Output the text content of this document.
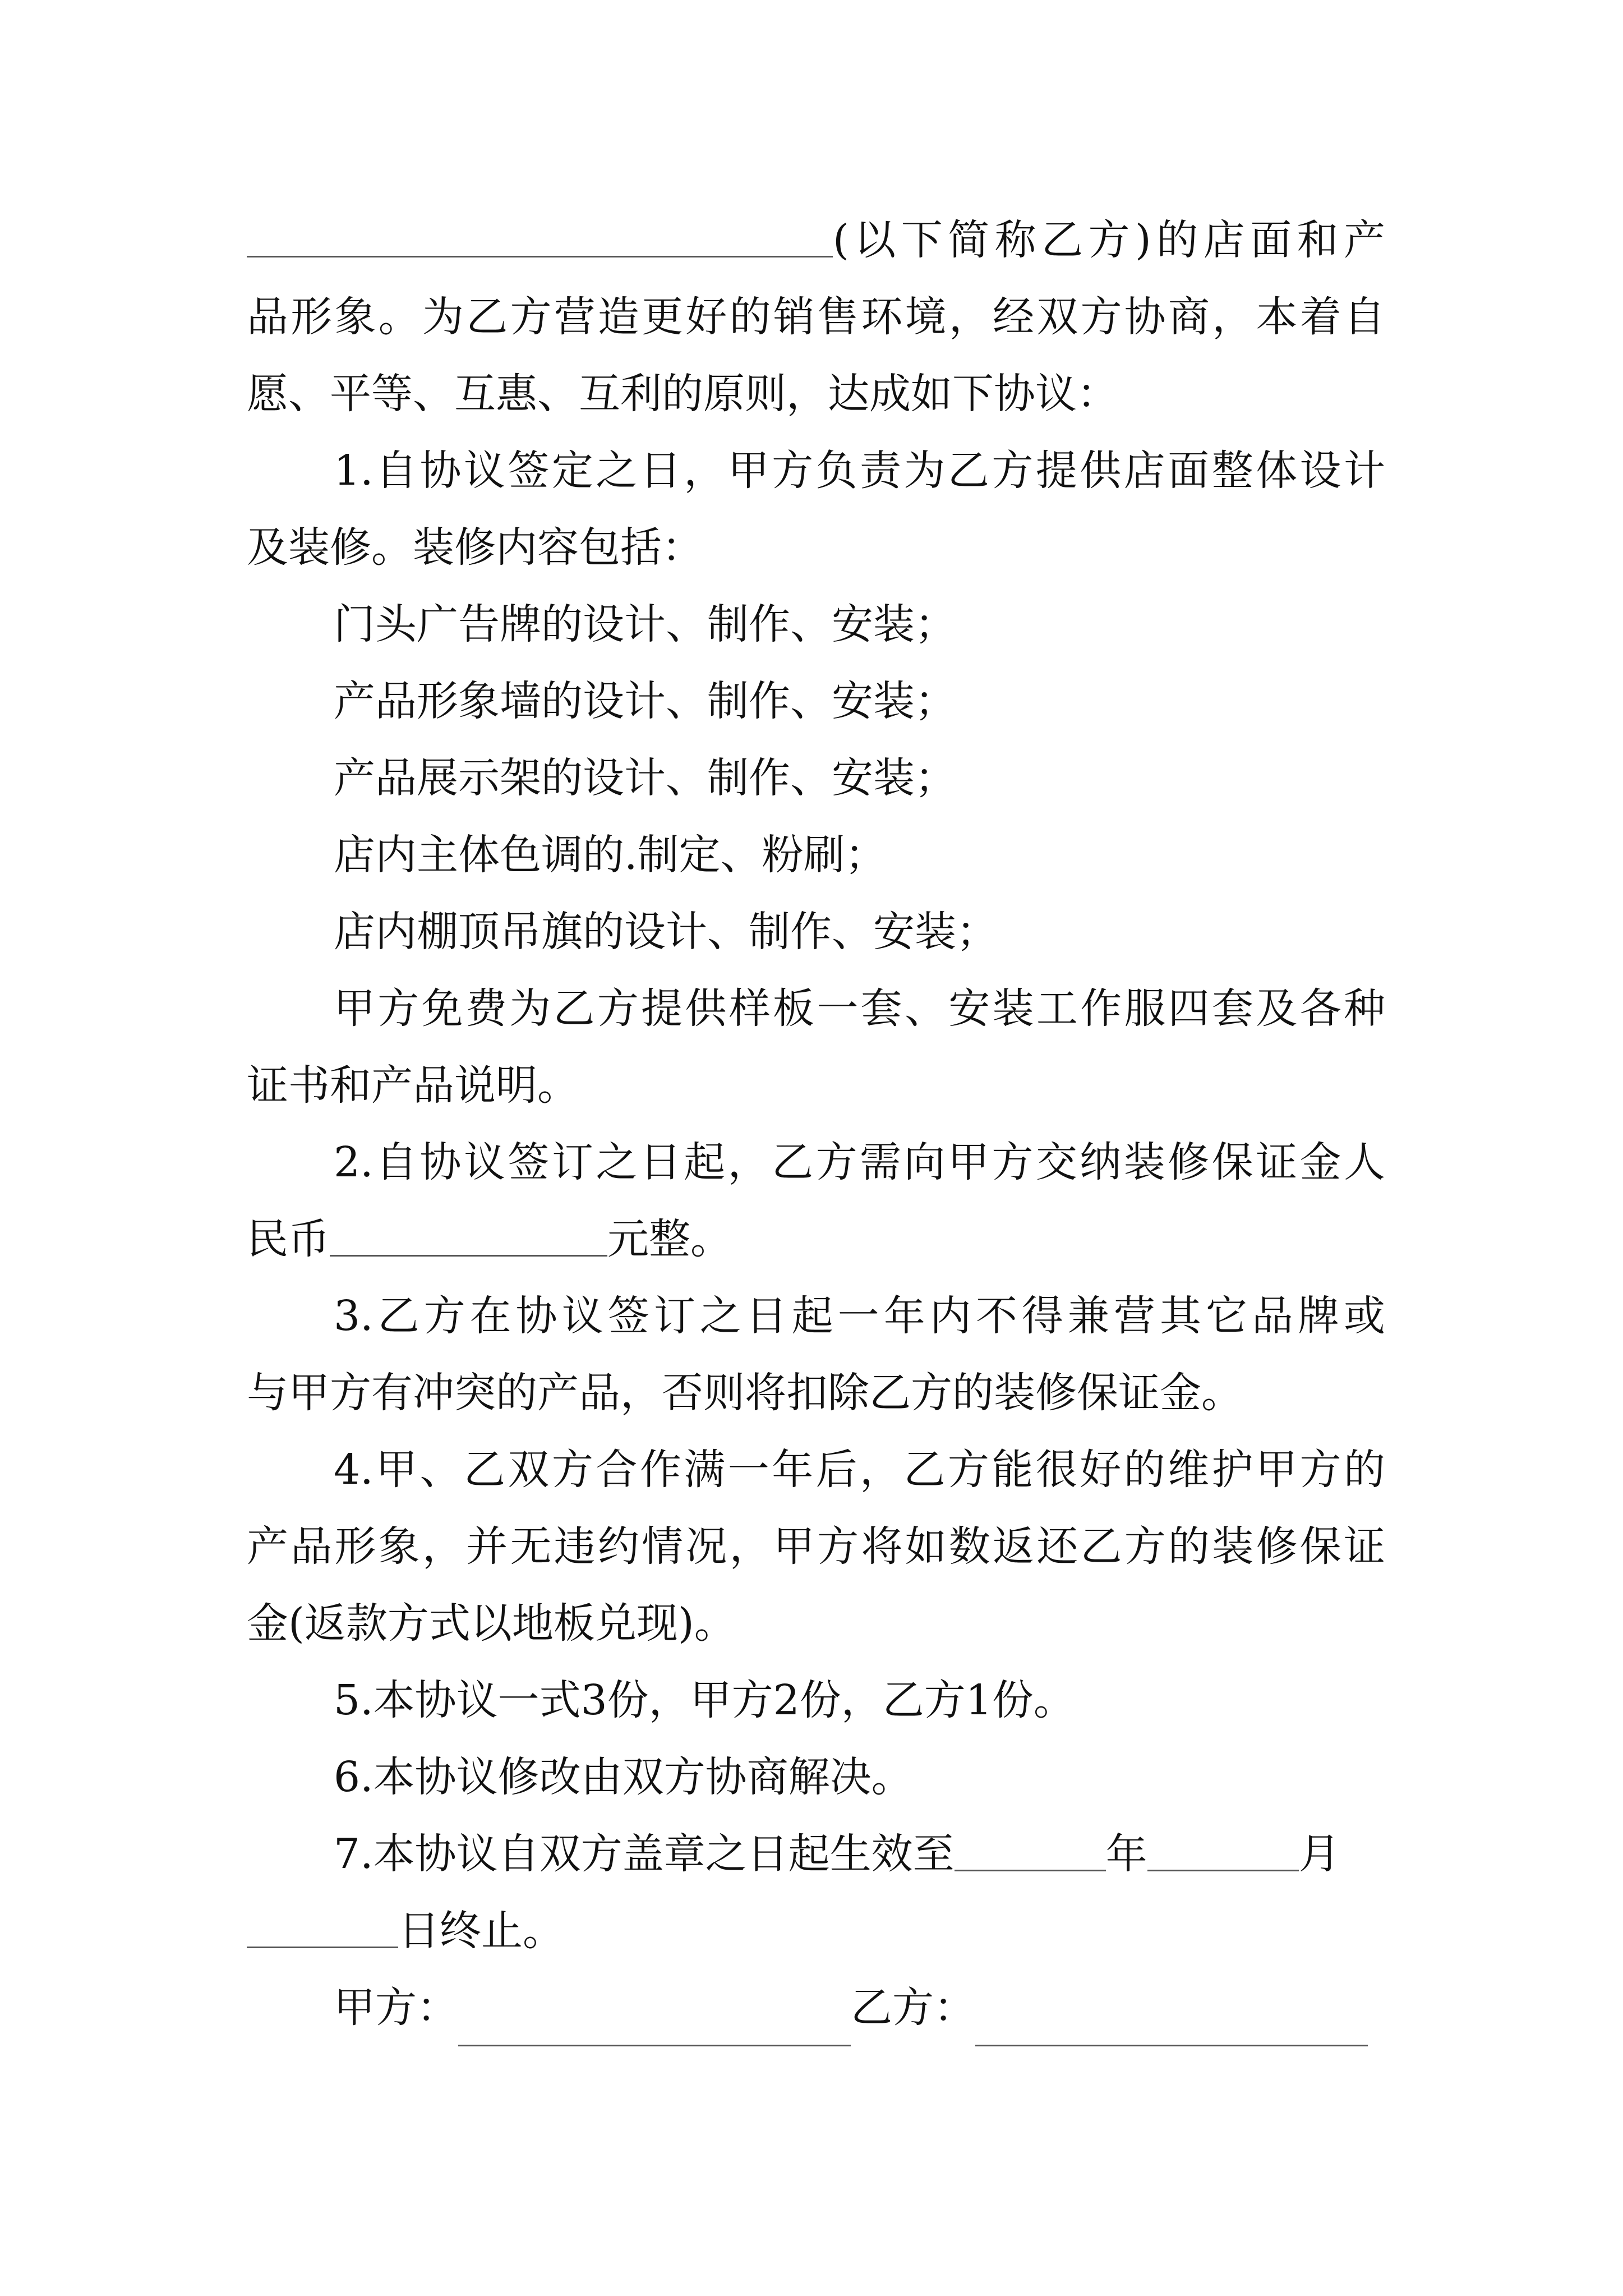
(以下简称乙方)的店面和产
品形象。为乙方营造更好的销售环境，经双方协商，本着自
愿、平等、互惠、互利的原则，达成如下协议：
1.自协议签定之日，甲方负责为乙方提供店面整体设计
及装修。装修内容包括：
门头广告牌的设计、制作、安装；
产品形象墙的设计、制作、安装；
产品展示架的设计、制作、安装；
店内主体色调的.制定、粉刷；
店内棚顶吊旗的设计、制作、安装；
甲方免费为乙方提供样板一套、安装工作服四套及各种
证书和产品说明。
2.自协议签订之日起，乙方需向甲方交纳装修保证金人
民币	元整。
3.乙方在协议签订之日起一年内不得兼营其它品牌或
与甲方有冲突的产品，否则将扣除乙方的装修保证金。
4.甲、乙双方合作满一年后，乙方能很好的维护甲方的
产品形象，并无违约情况，甲方将如数返还乙方的装修保证
金(返款方式以地板兑现)。
5.本协议一式3份，甲方2份，乙方1份。
6.本协议修改由双方协商解决。
7.本协议自双方盖章之日起生效至	年	月
日终止。
甲方：	乙方：
